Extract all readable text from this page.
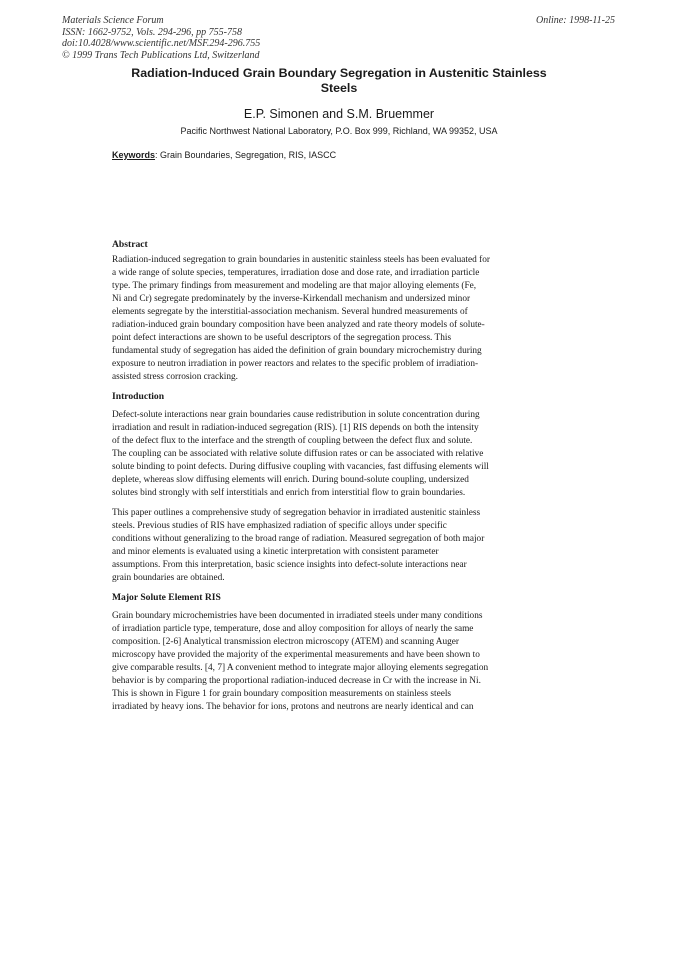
Materials Science Forum
ISSN: 1662-9752, Vols. 294-296, pp 755-758
doi:10.4028/www.scientific.net/MSF.294-296.755
© 1999 Trans Tech Publications Ltd, Switzerland
Online: 1998-11-25
Radiation-Induced Grain Boundary Segregation in Austenitic Stainless
Steels
E.P. Simonen and S.M. Bruemmer
Pacific Northwest National Laboratory, P.O. Box 999, Richland, WA 99352, USA
Keywords: Grain Boundaries, Segregation, RIS, IASCC
Abstract
Radiation-induced segregation to grain boundaries in austenitic stainless steels has been evaluated for
a wide range of solute species, temperatures, irradiation dose and dose rate, and irradiation particle
type. The primary findings from measurement and modeling are that major alloying elements (Fe,
Ni and Cr) segregate predominately by the inverse-Kirkendall mechanism and undersized minor
elements segregate by the interstitial-association mechanism. Several hundred measurements of
radiation-induced grain boundary composition have been analyzed and rate theory models of solute-
point defect interactions are shown to be useful descriptors of the segregation process. This
fundamental study of segregation has aided the definition of grain boundary microchemistry during
exposure to neutron irradiation in power reactors and relates to the specific problem of irradiation-
assisted stress corrosion cracking.
Introduction
Defect-solute interactions near grain boundaries cause redistribution in solute concentration during
irradiation and result in radiation-induced segregation (RIS). [1] RIS depends on both the intensity
of the defect flux to the interface and the strength of coupling between the defect flux and solute.
The coupling can be associated with relative solute diffusion rates or can be associated with relative
solute binding to point defects. During diffusive coupling with vacancies, fast diffusing elements will
deplete, whereas slow diffusing elements will enrich. During bound-solute coupling, undersized
solutes bind strongly with self interstitials and enrich from interstitial flow to grain boundaries.
This paper outlines a comprehensive study of segregation behavior in irradiated austenitic stainless
steels. Previous studies of RIS have emphasized radiation of specific alloys under specific
conditions without generalizing to the broad range of radiation. Measured segregation of both major
and minor elements is evaluated using a kinetic interpretation with consistent parameter
assumptions. From this interpretation, basic science insights into defect-solute interactions near
grain boundaries are obtained.
Major Solute Element RIS
Grain boundary microchemistries have been documented in irradiated steels under many conditions
of irradiation particle type, temperature, dose and alloy composition for alloys of nearly the same
composition. [2-6] Analytical transmission electron microscopy (ATEM) and scanning Auger
microscopy have provided the majority of the experimental measurements and have been shown to
give comparable results. [4, 7] A convenient method to integrate major alloying elements segregation
behavior is by comparing the proportional radiation-induced decrease in Cr with the increase in Ni.
This is shown in Figure 1 for grain boundary composition measurements on stainless steels
irradiated by heavy ions. The behavior for ions, protons and neutrons are nearly identical and can
